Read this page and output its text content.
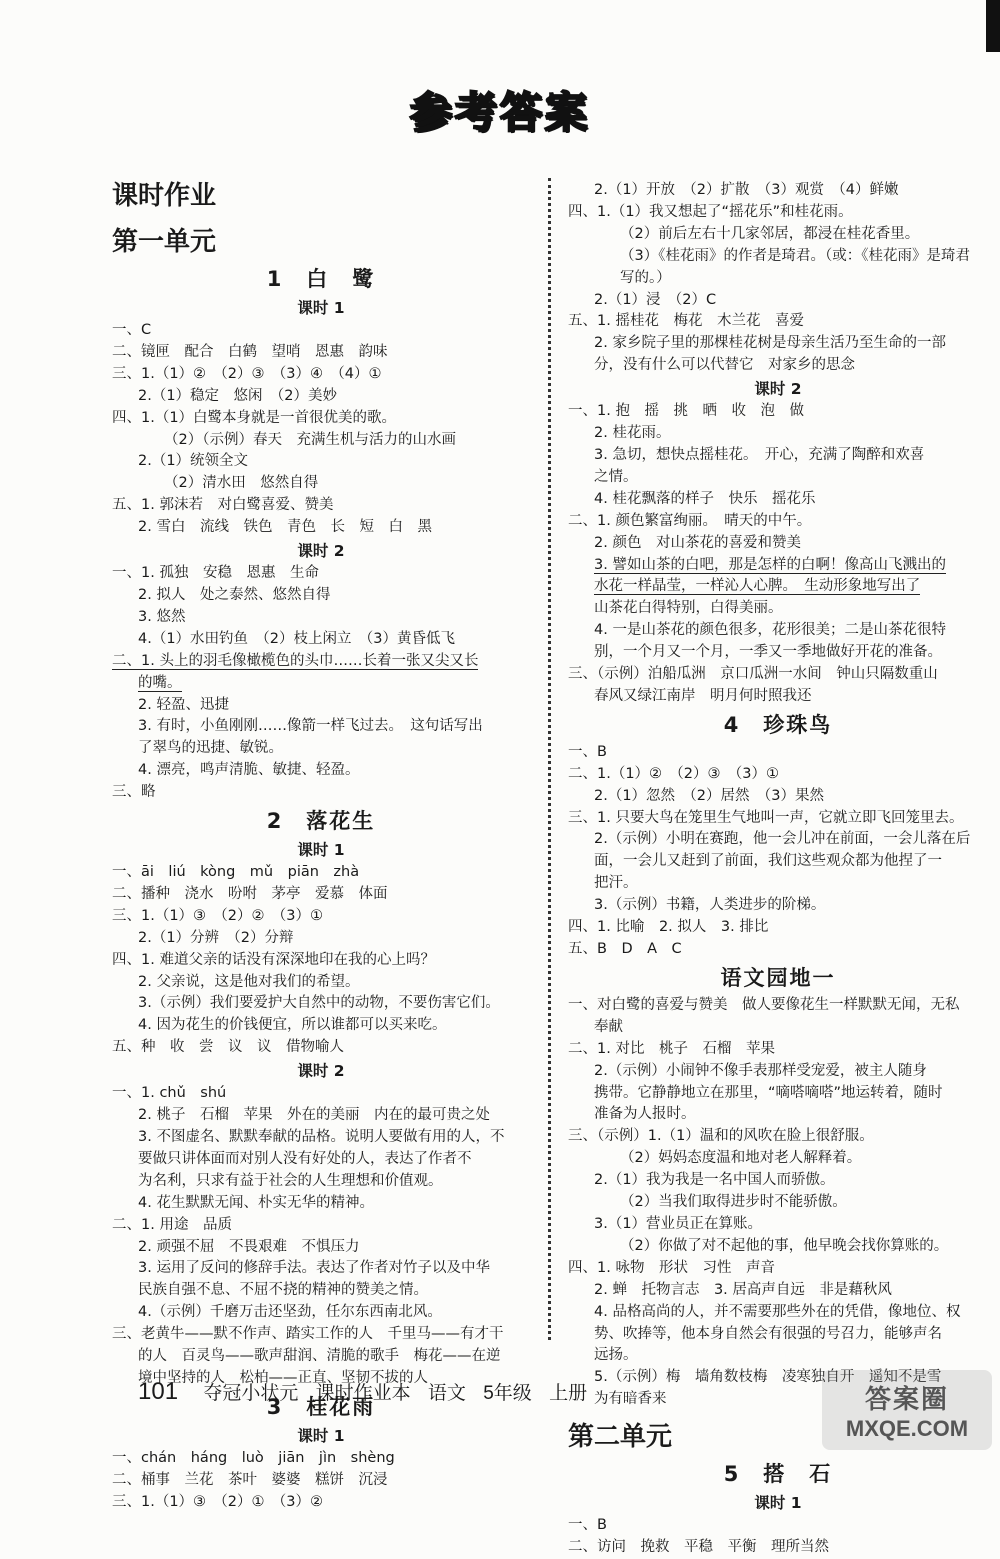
参考答案
课时作业
第一单元
1　白　鹭
课时 1
一、C
二、镜匣　配合　白鹤　望哨　恩惠　韵味
三、1.（1）②　（2）③　（3）④　（4）①
2.（1）稳定　悠闲　（2）美妙
四、1.（1）白鹭本身就是一首很优美的歌。
（2）（示例）春天　充满生机与活力的山水画
2.（1）统领全文
（2）清水田　悠然自得
五、1. 郭沫若　对白鹭喜爱、赞美
2. 雪白　流线　铁色　青色　长　短　白　黑
课时 2
一、1. 孤独　安稳　恩惠　生命
2. 拟人　处之泰然、悠然自得
3. 悠然
4.（1）水田钓鱼　（2）枝上闲立　（3）黄昏低飞
二、1. 头上的羽毛像橄榄色的头巾……长着一张又尖又长
的嘴。
2. 轻盈、迅捷
3. 有时，小鱼刚刚……像箭一样飞过去。　这句话写出
了翠鸟的迅捷、敏锐。
4. 漂亮，鸣声清脆、敏捷、轻盈。
三、略
2　落花生
课时 1
一、āi　liú　kòng　mǔ　piān　zhà
二、播种　浇水　吩咐　茅亭　爱慕　体面
三、1.（1）③　（2）②　（3）①
2.（1）分辨　（2）分辩
四、1. 难道父亲的话没有深深地印在我的心上吗？
2. 父亲说，这是他对我们的希望。
3.（示例）我们要爱护大自然中的动物，不要伤害它们。
4. 因为花生的价钱便宜，所以谁都可以买来吃。
五、种　收　尝　议　议　借物喻人
课时 2
一、1. chǔ　shú
2. 桃子　石榴　苹果　外在的美丽　内在的最可贵之处
3. 不图虚名、默默奉献的品格。说明人要做有用的人，不
要做只讲体面而对别人没有好处的人，表达了作者不
为名利，只求有益于社会的人生理想和价值观。
4. 花生默默无闻、朴实无华的精神。
二、1. 用途　品质
2. 顽强不屈　不畏艰难　不惧压力
3. 运用了反问的修辞手法。表达了作者对竹子以及中华
民族自强不息、不屈不挠的精神的赞美之情。
4.（示例）千磨万击还坚劲，任尔东西南北风。
三、老黄牛——默不作声、踏实工作的人　千里马——有才干
的人　百灵鸟——歌声甜润、清脆的歌手　梅花——在逆
境中坚持的人　松柏——正直、坚韧不拔的人
3　桂花雨
课时 1
一、chán　háng　luò　jiān　jìn　shèng
二、桶事　兰花　茶叶　婆婆　糕饼　沉浸
三、1.（1）③　（2）①　（3）②
2.（1）开放　（2）扩散　（3）观赏　（4）鲜嫩
四、1.（1）我又想起了“摇花乐”和桂花雨。
（2）前后左右十几家邻居，都浸在桂花香里。
（3）《桂花雨》的作者是琦君。（或：《桂花雨》是琦君
写的。）
2.（1）浸　（2）C
五、1. 摇桂花　梅花　木兰花　喜爱
2. 家乡院子里的那棵桂花树是母亲生活乃至生命的一部
分，没有什么可以代替它　对家乡的思念
课时 2
一、1. 抱　摇　挑　晒　收　泡　做
2. 桂花雨。
3. 急切，想快点摇桂花。　开心，充满了陶醉和欢喜
之情。
4. 桂花飘落的样子　快乐　摇花乐
二、1. 颜色繁富绚丽。　晴天的中午。
2. 颜色　对山茶花的喜爱和赞美
3. 譬如山茶的白吧，那是怎样的白啊！像高山飞溅出的
水花一样晶莹，一样沁人心脾。　生动形象地写出了
山茶花白得特别，白得美丽。
4. 一是山茶花的颜色很多，花形很美；二是山茶花很特
别，一个月又一个月，一季又一季地做好开花的准备。
三、（示例）泊船瓜洲　京口瓜洲一水间　钟山只隔数重山
春风又绿江南岸　明月何时照我还
4　珍珠鸟
一、B
二、1.（1）②　（2）③　（3）①
2.（1）忽然　（2）居然　（3）果然
三、1. 只要大鸟在笼里生气地叫一声，它就立即飞回笼里去。
2.（示例）小明在赛跑，他一会儿冲在前面，一会儿落在后
面，一会儿又赶到了前面，我们这些观众都为他捏了一
把汗。
3.（示例）书籍，人类进步的阶梯。
四、1. 比喻　2. 拟人　3. 排比
五、B　D　A　C
语文园地一
一、对白鹭的喜爱与赞美　做人要像花生一样默默无闻，无私
奉献
二、1. 对比　桃子　石榴　苹果
2.（示例）小闹钟不像手表那样受宠爱，被主人随身
携带。它静静地立在那里，“嘀嗒嘀嗒”地运转着，随时
准备为人报时。
三、（示例）1.（1）温和的风吹在脸上很舒服。
（2）妈妈态度温和地对老人解释着。
2.（1）我为我是一名中国人而骄傲。
（2）当我们取得进步时不能骄傲。
3.（1）营业员正在算账。
（2）你做了对不起他的事，他早晚会找你算账的。
四、1. 咏物　形状　习性　声音
2. 蝉　托物言志　3. 居高声自远　非是藉秋风
4. 品格高尚的人，并不需要那些外在的凭借，像地位、权
势、吹捧等，他本身自然会有很强的号召力，能够声名
远扬。
5.（示例）梅　墙角数枝梅　凌寒独自开　遥知不是雪
为有暗香来
第二单元
5　搭　石
课时 1
一、B
二、访问　挽救　平稳　平衡　理所当然
101 夺冠小状元 课时作业本 语文 5年级 上册	答案圈
MXQE.COM
